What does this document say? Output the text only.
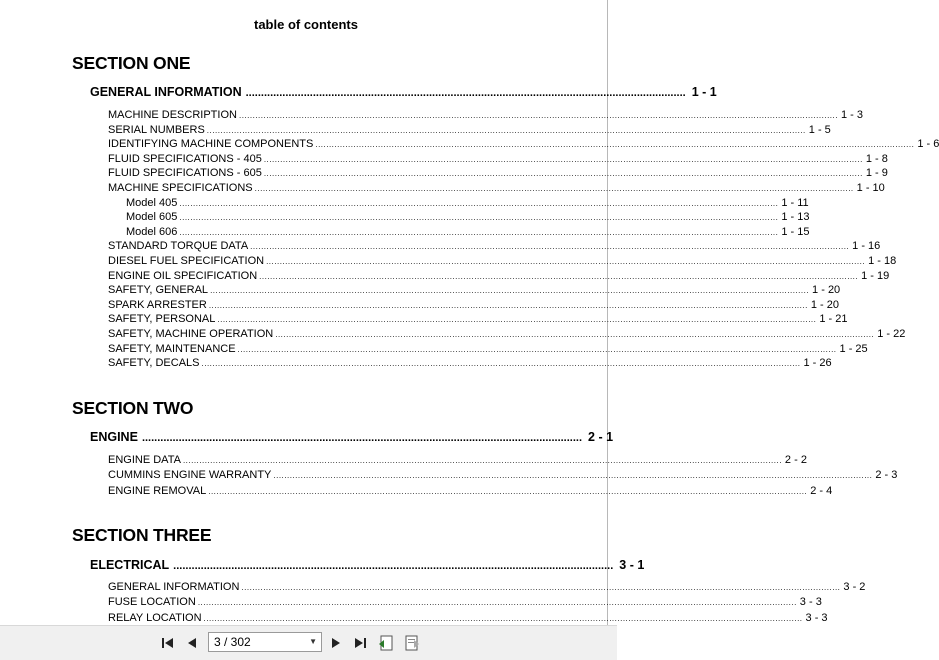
table of contents
SECTION ONE
GENERAL INFORMATION ................................................................................................................................................ 1 - 1
MACHINE DESCRIPTION ............................................................................................................................................................................................................................ 1 - 3
SERIAL NUMBERS ............................................................................................................................................................................................................................ 1 - 5
IDENTIFYING MACHINE COMPONENTS ............................................................................................................................................................................................................................ 1 - 6
FLUID SPECIFICATIONS - 405 ............................................................................................................................................................................................................................ 1 - 8
FLUID SPECIFICATIONS - 605 ............................................................................................................................................................................................................................ 1 - 9
MACHINE SPECIFICATIONS ............................................................................................................................................................................................................................ 1 - 10
Model 405 ............................................................................................................................................................................................................................ 1 - 11
Model 605 ............................................................................................................................................................................................................................ 1 - 13
Model 606 ............................................................................................................................................................................................................................ 1 - 15
STANDARD TORQUE DATA ............................................................................................................................................................................................................................ 1 - 16
DIESEL FUEL SPECIFICATION ............................................................................................................................................................................................................................ 1 - 18
ENGINE OIL SPECIFICATION ............................................................................................................................................................................................................................ 1 - 19
SAFETY, GENERAL ............................................................................................................................................................................................................................ 1 - 20
SPARK ARRESTER ............................................................................................................................................................................................................................ 1 - 20
SAFETY, PERSONAL ............................................................................................................................................................................................................................ 1 - 21
SAFETY, MACHINE OPERATION ............................................................................................................................................................................................................................ 1 - 22
SAFETY, MAINTENANCE ............................................................................................................................................................................................................................ 1 - 25
SAFETY, DECALS ............................................................................................................................................................................................................................ 1 - 26
SECTION TWO
ENGINE ................................................................................................................................................ 2 - 1
ENGINE DATA ............................................................................................................................................................................................................................ 2 - 2
CUMMINS ENGINE WARRANTY ............................................................................................................................................................................................................................ 2 - 3
ENGINE REMOVAL ............................................................................................................................................................................................................................ 2 - 4
SECTION THREE
ELECTRICAL ................................................................................................................................................ 3 - 1
GENERAL INFORMATION ............................................................................................................................................................................................................................ 3 - 2
FUSE LOCATION ............................................................................................................................................................................................................................ 3 - 3
RELAY LOCATION ............................................................................................................................................................................................................................ 3 - 3
3 / 302	▼
